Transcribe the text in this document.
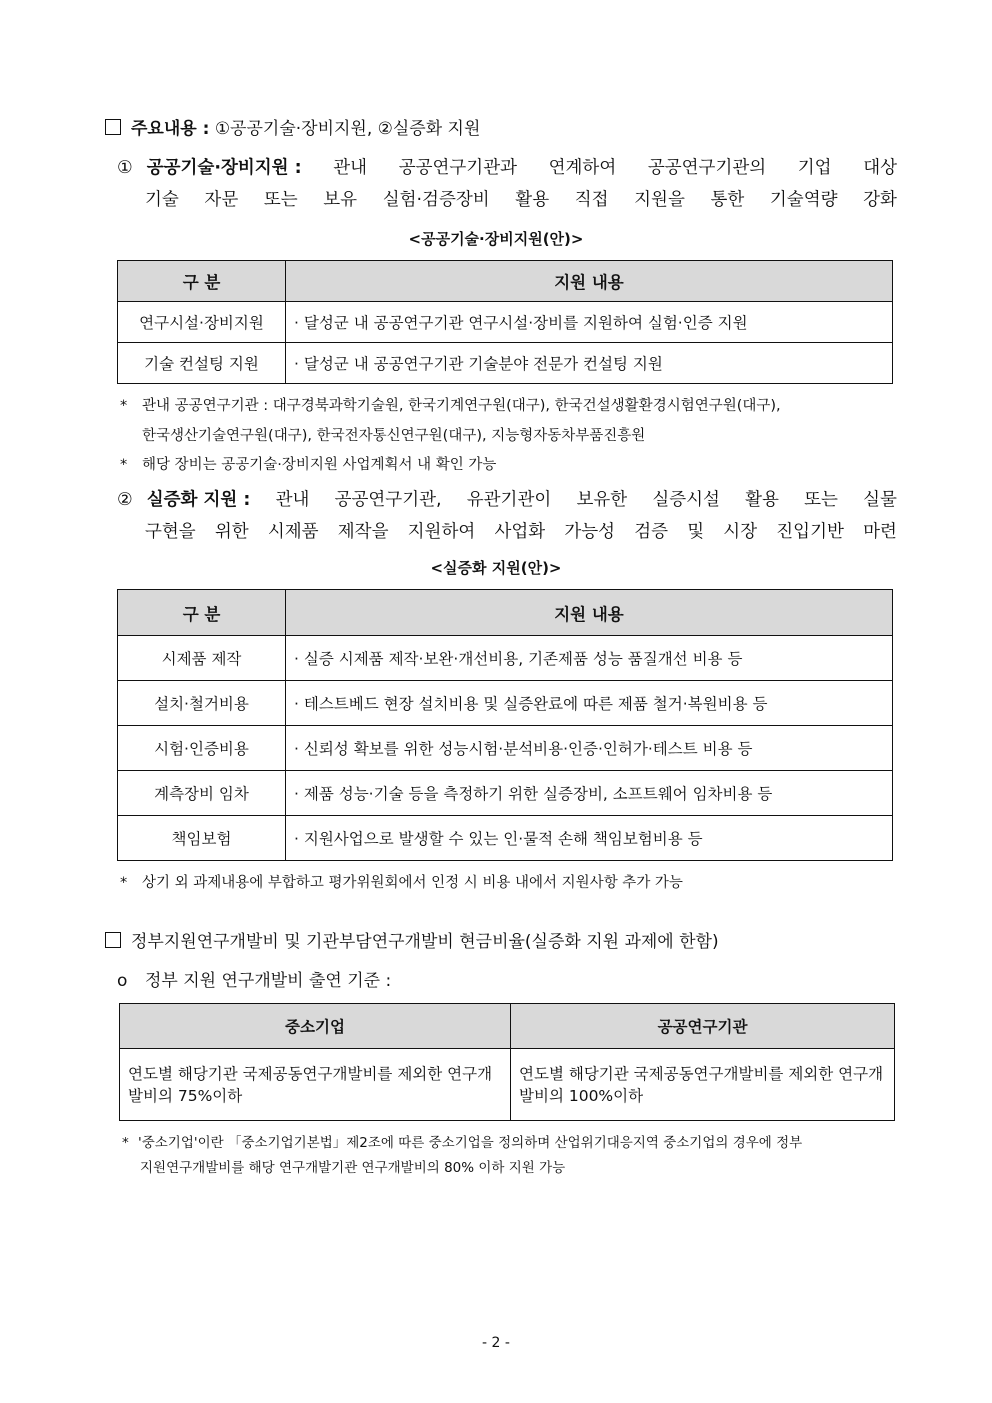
주요내용 : ①공공기술·장비지원, ②실증화 지원
① 공공기술·장비지원 : 관내 공공연구기관과 연계하여 공공연구기관의 기업 대상
기술 자문 또는 보유 실험·검증장비 활용 직접 지원을 통한 기술역량 강화
<공공기술·장비지원(안)>
구 분	지원 내용
연구시설·장비지원	· 달성군 내 공공연구기관 연구시설·장비를 지원하여 실험·인증 지원
기술 컨설팅 지원	· 달성군 내 공공연구기관 기술분야 전문가 컨설팅 지원
* 관내 공공연구기관 : 대구경북과학기술원, 한국기계연구원(대구), 한국건설생활환경시험연구원(대구),
한국생산기술연구원(대구), 한국전자통신연구원(대구), 지능형자동차부품진흥원
* 해당 장비는 공공기술·장비지원 사업계획서 내 확인 가능
② 실증화 지원 : 관내 공공연구기관, 유관기관이 보유한 실증시설 활용 또는 실물
구현을 위한 시제품 제작을 지원하여 사업화 가능성 검증 및 시장 진입기반 마련
<실증화 지원(안)>
구 분	지원 내용
시제품 제작	· 실증 시제품 제작·보완·개선비용, 기존제품 성능 품질개선 비용 등
설치·철거비용	· 테스트베드 현장 설치비용 및 실증완료에 따른 제품 철거·복원비용 등
시험·인증비용	· 신뢰성 확보를 위한 성능시험·분석비용·인증·인허가·테스트 비용 등
계측장비 임차	· 제품 성능·기술 등을 측정하기 위한 실증장비, 소프트웨어 임차비용 등
책임보험	· 지원사업으로 발생할 수 있는 인·물적 손해 책임보험비용 등
* 상기 외 과제내용에 부합하고 평가위원회에서 인정 시 비용 내에서 지원사항 추가 가능
정부지원연구개발비 및 기관부담연구개발비 현금비율(실증화 지원 과제에 한함)
o 정부 지원 연구개발비 출연 기준 :
중소기업	공공연구기관
연도별 해당기관 국제공동연구개발비를 제외한 연구개발비의 75%이하	연도별 해당기관 국제공동연구개발비를 제외한 연구개발비의 100%이하
* '중소기업'이란 「중소기업기본법」제2조에 따른 중소기업을 정의하며 산업위기대응지역 중소기업의 경우에 정부
지원연구개발비를 해당 연구개발기관 연구개발비의 80% 이하 지원 가능
- 2 -
